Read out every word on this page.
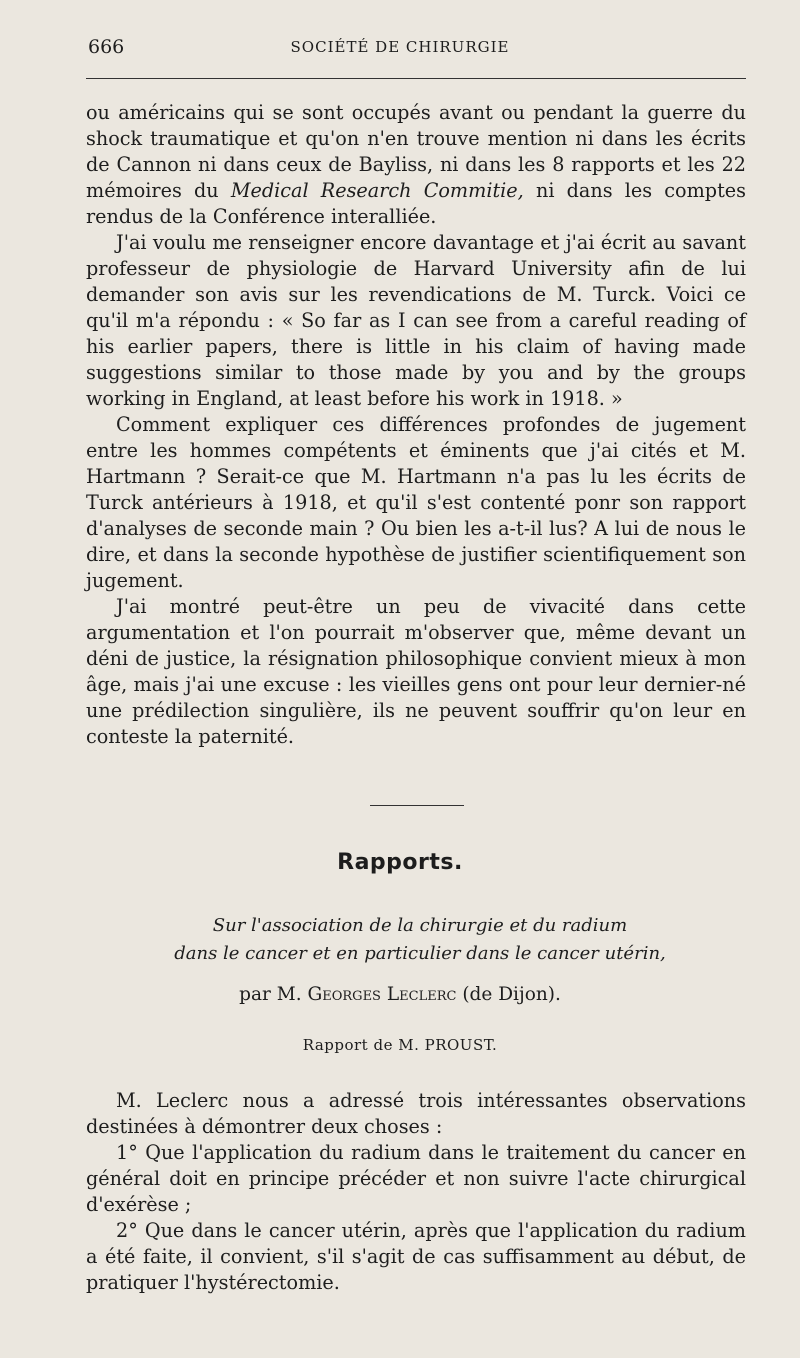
666	SOCIÉTÉ DE CHIRURGIE

ou américains qui se sont occupés avant ou pendant la guerre du shock traumatique et qu'on n'en trouve mention ni dans les écrits de Cannon ni dans ceux de Bayliss, ni dans les 8 rapports et les 22 mémoires du Medical Research Commitie, ni dans les comptes rendus de la Conférence interalliée.

J'ai voulu me renseigner encore davantage et j'ai écrit au savant professeur de physiologie de Harvard University afin de lui demander son avis sur les revendications de M. Turck. Voici ce qu'il m'a répondu : « So far as I can see from a careful reading of his earlier papers, there is little in his claim of having made suggestions similar to those made by you and by the groups working in England, at least before his work in 1918. »

Comment expliquer ces différences profondes de jugement entre les hommes compétents et éminents que j'ai cités et M. Hartmann ? Serait-ce que M. Hartmann n'a pas lu les écrits de Turck antérieurs à 1918, et qu'il s'est contenté ponr son rapport d'analyses de seconde main ? Ou bien les a-t-il lus? A lui de nous le dire, et dans la seconde hypothèse de justifier scientifiquement son jugement.

J'ai montré peut-être un peu de vivacité dans cette argumentation et l'on pourrait m'observer que, même devant un déni de justice, la résignation philosophique convient mieux à mon âge, mais j'ai une excuse : les vieilles gens ont pour leur dernier-né une prédilection singulière, ils ne peuvent souffrir qu'on leur en conteste la paternité.

Rapports.
Sur l'association de la chirurgie et du radium
dans le cancer et en particulier dans le cancer utérin,
par M. Georges Leclerc (de Dijon).
Rapport de M. PROUST.

M. Leclerc nous a adressé trois intéressantes observations destinées à démontrer deux choses :

1° Que l'application du radium dans le traitement du cancer en général doit en principe précéder et non suivre l'acte chirurgical d'exérèse ;

2° Que dans le cancer utérin, après que l'application du radium a été faite, il convient, s'il s'agit de cas suffisamment au début, de pratiquer l'hystérectomie.
